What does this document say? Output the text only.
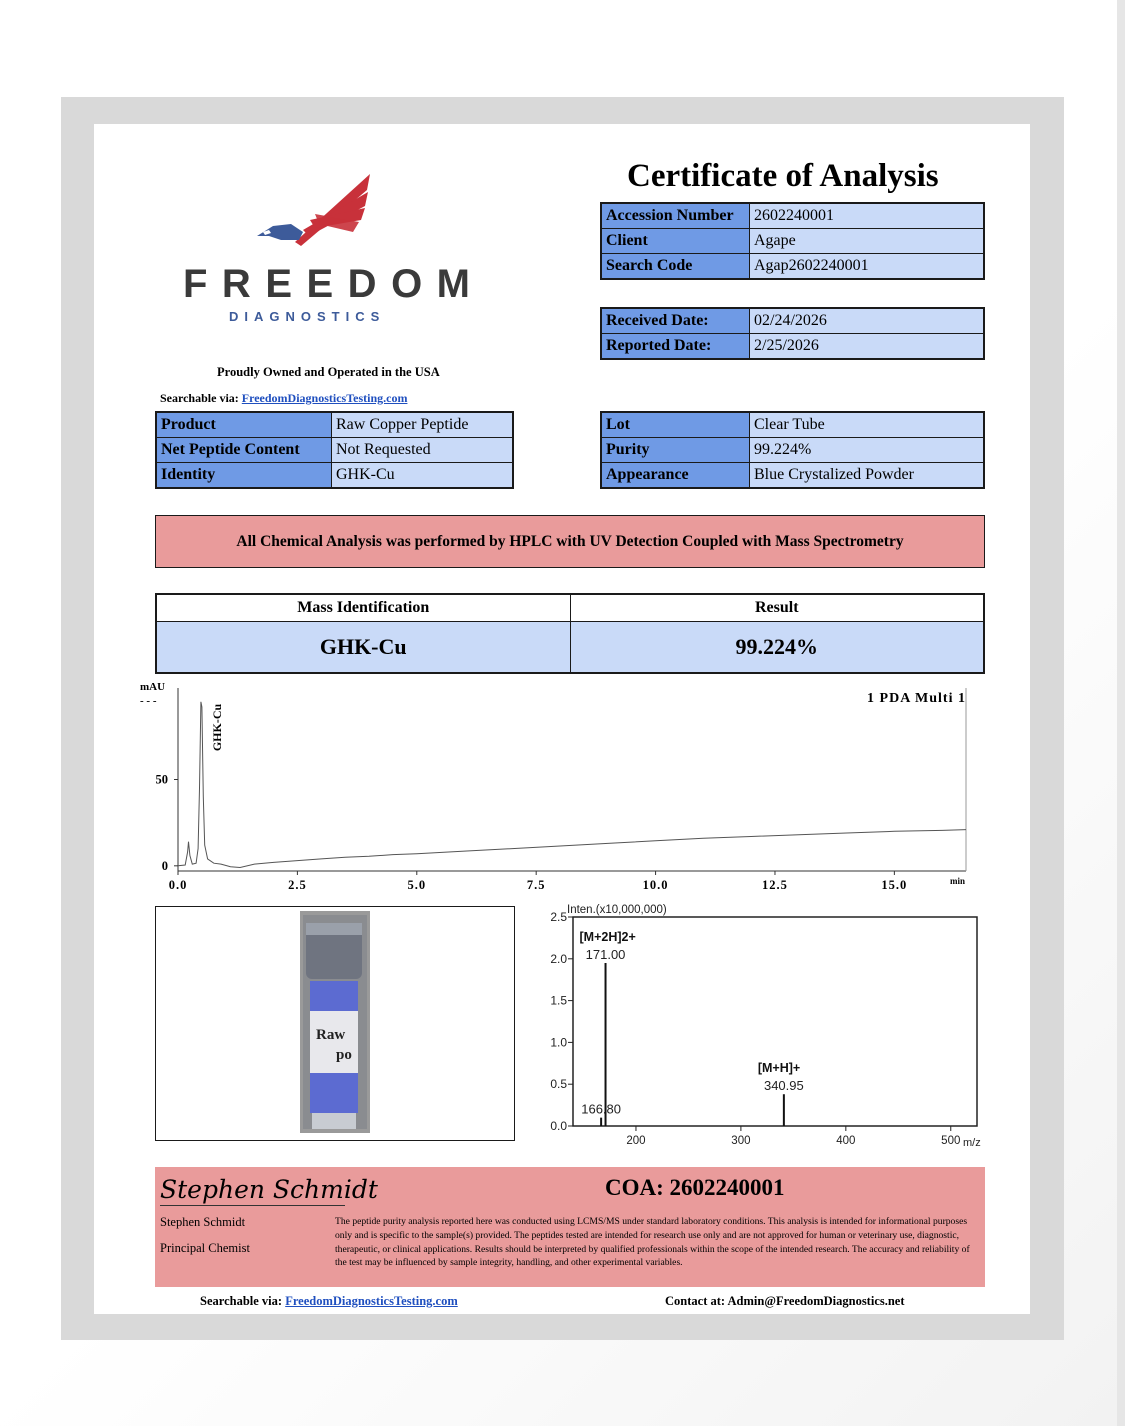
FREEDOM
DIAGNOSTICS
Proudly Owned and Operated in the USA
Searchable via: FreedomDiagnosticsTesting.com
Certificate of Analysis
Accession Number	2602240001
Client	Agape
Search Code	Agap2602240001
Received Date:	02/24/2026
Reported Date:	2/25/2026
Product	Raw Copper Peptide
Net Peptide Content	Not Requested
Identity	GHK-Cu
Lot	Clear Tube
Purity	99.224%
Appearance	Blue Crystalized Powder
All Chemical Analysis was performed by HPLC with UV Detection Coupled with Mass Spectrometry
Mass Identification	Result
GHK-Cu	99.224%
mAU
- - -	1 PDA Multi 1
min
0.0	2.5	5.0	7.5	10.0	12.5	15.0
0
50
GHK-Cu
Raw
po
Inten.(x10,000,000)
m/z
0.0
0.5
1.0
1.5
2.0
2.5
200	300	400	500
166.80
171.00
[M+2H]2+
340.95
[M+H]+
Stephen Schmidt
Stephen Schmidt
Principal Chemist
COA: 2602240001
The peptide purity analysis reported here was conducted using LCMS/MS under standard laboratory conditions. This analysis is intended for informational purposes only and is specific to the sample(s) provided. The peptides tested are intended for research use only and are not approved for human or veterinary use, diagnostic, therapeutic, or clinical applications. Results should be interpreted by qualified professionals within the scope of the intended research. The accuracy and reliability of the test may be influenced by sample integrity, handling, and other experimental variables.
Searchable via: FreedomDiagnosticsTesting.com	Contact at: Admin@FreedomDiagnostics.net
